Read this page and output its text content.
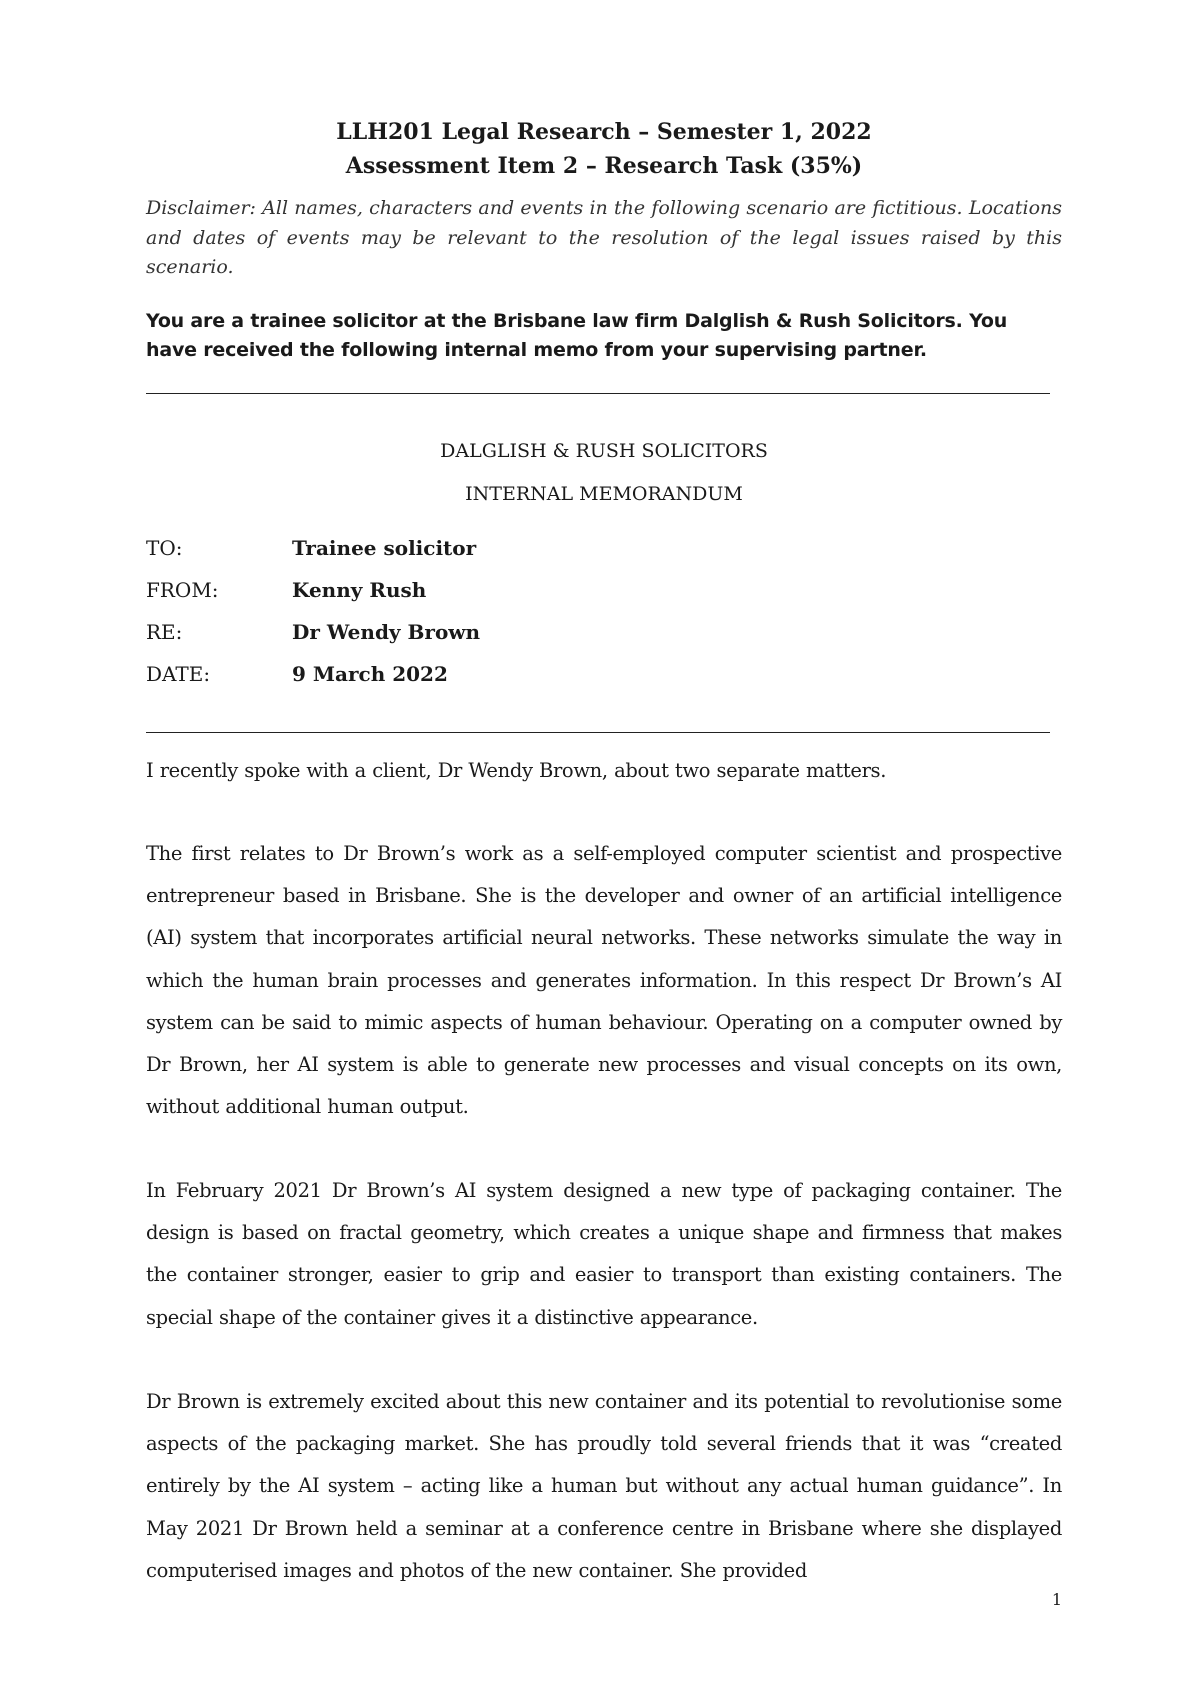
LLH201 Legal Research – Semester 1, 2022
Assessment Item 2 – Research Task (35%)
Disclaimer: All names, characters and events in the following scenario are fictitious. Locations and dates of events may be relevant to the resolution of the legal issues raised by this scenario.
You are a trainee solicitor at the Brisbane law firm Dalglish & Rush Solicitors. You have received the following internal memo from your supervising partner.
DALGLISH & RUSH SOLICITORS
INTERNAL MEMORANDUM
TO:	Trainee solicitor
FROM:	Kenny Rush
RE:	Dr Wendy Brown
DATE:	9 March 2022
I recently spoke with a client, Dr Wendy Brown, about two separate matters.
The first relates to Dr Brown’s work as a self-employed computer scientist and prospective entrepreneur based in Brisbane. She is the developer and owner of an artificial intelligence (AI) system that incorporates artificial neural networks. These networks simulate the way in which the human brain processes and generates information. In this respect Dr Brown’s AI system can be said to mimic aspects of human behaviour. Operating on a computer owned by Dr Brown, her AI system is able to generate new processes and visual concepts on its own, without additional human output.
In February 2021 Dr Brown’s AI system designed a new type of packaging container. The design is based on fractal geometry, which creates a unique shape and firmness that makes the container stronger, easier to grip and easier to transport than existing containers. The special shape of the container gives it a distinctive appearance.
Dr Brown is extremely excited about this new container and its potential to revolutionise some aspects of the packaging market. She has proudly told several friends that it was “created entirely by the AI system – acting like a human but without any actual human guidance”. In May 2021 Dr Brown held a seminar at a conference centre in Brisbane where she displayed computerised images and photos of the new container. She provided
1
